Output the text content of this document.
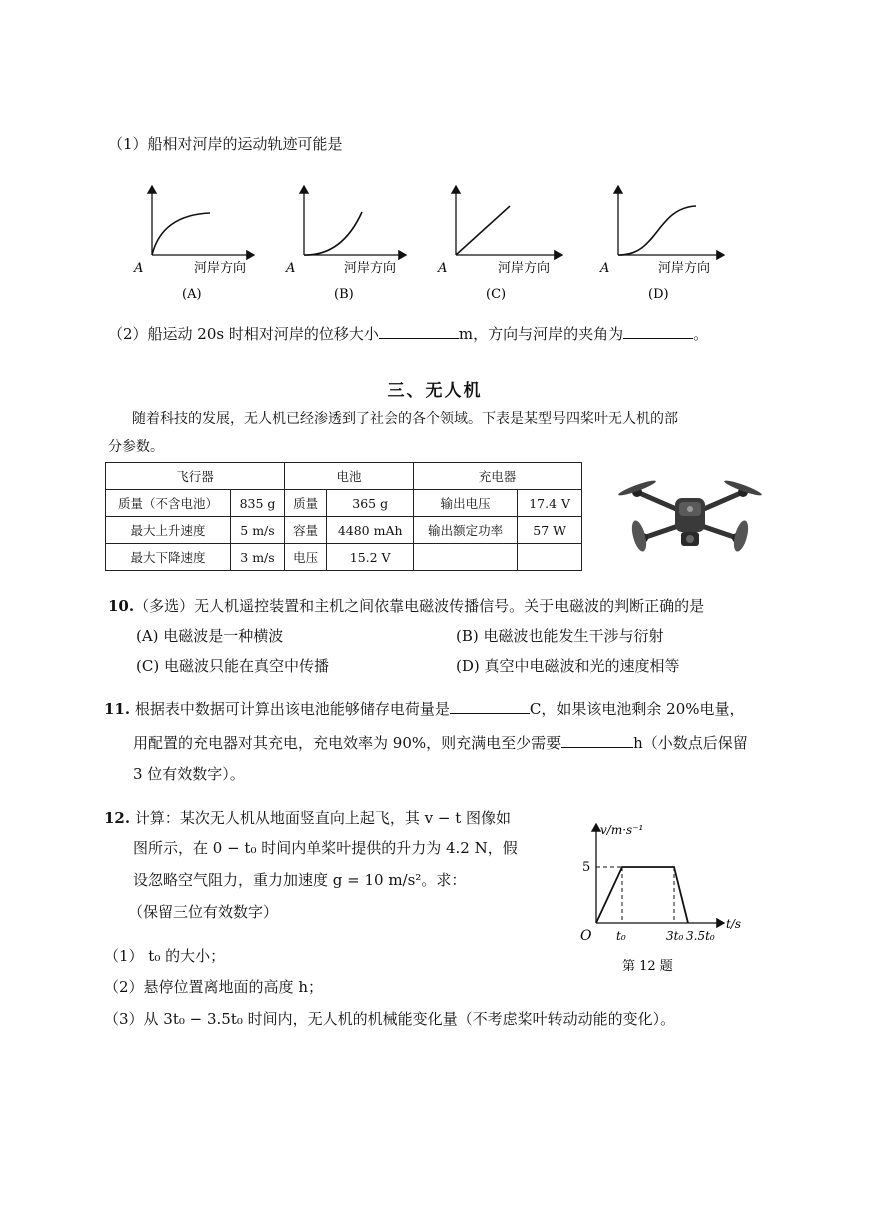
（1）船相对河岸的运动轨迹可能是
A	河岸方向
(A)
A	河岸方向
(B)
A	河岸方向
(C)
A	河岸方向
(D)
（2）船运动 20s 时相对河岸的位移大小	m，方向与河岸的夹角为	。
三、无人机
随着科技的发展，无人机已经渗透到了社会的各个领域。下表是某型号四桨叶无人机的部
分参数。
飞行器		电池		充电器	
质量（不含电池）	835 g	质量	365 g	输出电压	17.4 V
最大上升速度	5 m/s	容量	4480 mAh	输出额定功率	57 W
最大下降速度	3 m/s	电压	15.2 V		
10.（多选）无人机遥控装置和主机之间依靠电磁波传播信号。关于电磁波的判断正确的是
(A) 电磁波是一种横波	(B) 电磁波也能发生干涉与衍射
(C) 电磁波只能在真空中传播	(D) 真空中电磁波和光的速度相等
11. 根据表中数据可计算出该电池能够储存电荷量是	C，如果该电池剩余 20%电量，
用配置的充电器对其充电，充电效率为 90%，则充满电至少需要	h（小数点后保留
3 位有效数字）。
12. 计算：某次无人机从地面竖直向上起飞，其 v − t 图像如
图所示，在 0 − t₀ 时间内单桨叶提供的升力为 4.2 N，假
设忽略空气阻力，重力加速度 g = 10 m/s²。求：
（保留三位有效数字）
（1） t₀ 的大小；
（2）悬停位置离地面的高度 h；
（3）从 3t₀ − 3.5t₀ 时间内，无人机的机械能变化量（不考虑桨叶转动动能的变化）。
v/m·s⁻¹
t/s
5
O t₀	3t₀ 3.5t₀
第 12 题
